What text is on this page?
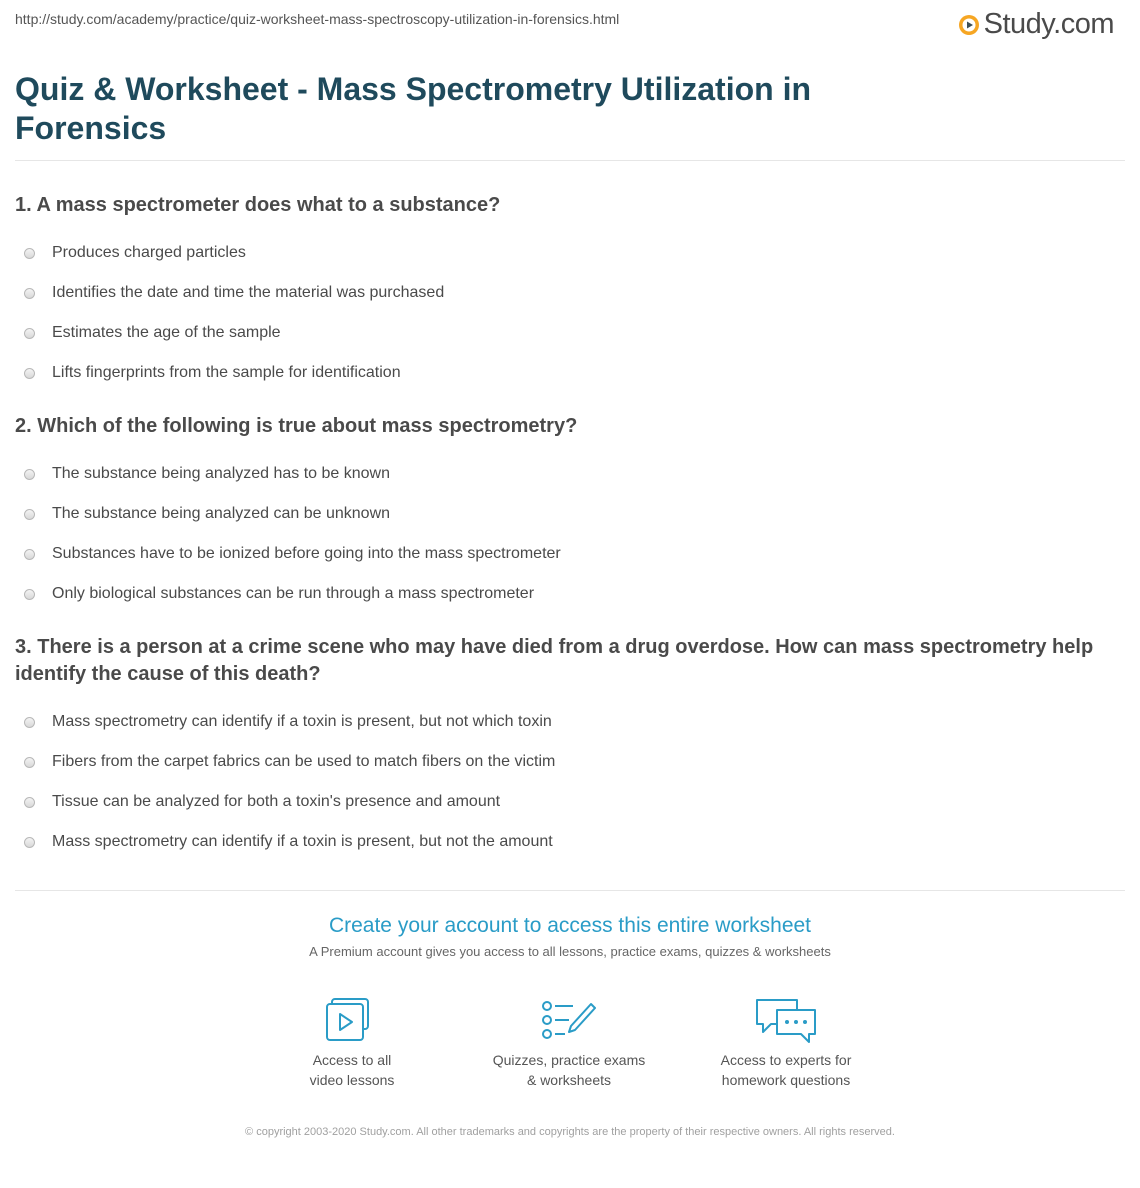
http://study.com/academy/practice/quiz-worksheet-mass-spectroscopy-utilization-in-forensics.html	Study.com
Quiz & Worksheet - Mass Spectrometry Utilization in Forensics

1. A mass spectrometer does what to a substance?

Produces charged particles
Identifies the date and time the material was purchased
Estimates the age of the sample
Lifts fingerprints from the sample for identification

2. Which of the following is true about mass spectrometry?

The substance being analyzed has to be known
The substance being analyzed can be unknown
Substances have to be ionized before going into the mass spectrometer
Only biological substances can be run through a mass spectrometer

3. There is a person at a crime scene who may have died from a drug overdose. How can mass spectrometry help identify the cause of this death?

Mass spectrometry can identify if a toxin is present, but not which toxin
Fibers from the carpet fabrics can be used to match fibers on the victim
Tissue can be analyzed for both a toxin's presence and amount
Mass spectrometry can identify if a toxin is present, but not the amount

Create your account to access this entire worksheet

A Premium account gives you access to all lessons, practice exams, quizzes & worksheets

Access to all
video lessons
Quizzes, practice exams
& worksheets
Access to experts for
homework questions
© copyright 2003-2020 Study.com. All other trademarks and copyrights are the property of their respective owners. All rights reserved.
